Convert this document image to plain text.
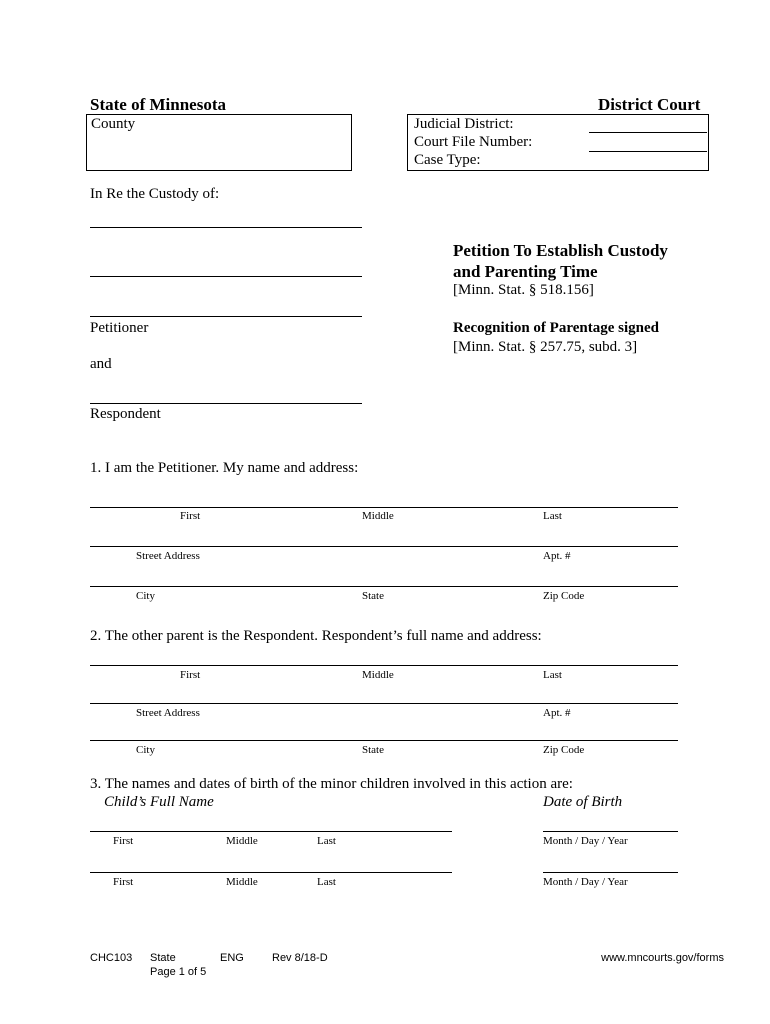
State of Minnesota	District Court
County	Judicial District:
Court File Number:
Case Type:
In Re the Custody of:
Petitioner
and
Respondent
Petition To Establish Custody
and Parenting Time
[Minn. Stat. § 518.156]
Recognition of Parentage signed
[Minn. Stat. § 257.75, subd. 3]
1. I am the Petitioner. My name and address:
First	Middle	Last
Street Address	Apt. #
City	State	Zip Code
2. The other parent is the Respondent. Respondent’s full name and address:
First	Middle	Last
Street Address	Apt. #
City	State	Zip Code
3. The names and dates of birth of the minor children involved in this action are:
Child’s Full Name	Date of Birth
First	Middle	Last	Month / Day / Year
First	Middle	Last	Month / Day / Year
CHC103 State	ENG	Rev 8/18-D
Page 1 of 5
www.mncourts.gov/forms
